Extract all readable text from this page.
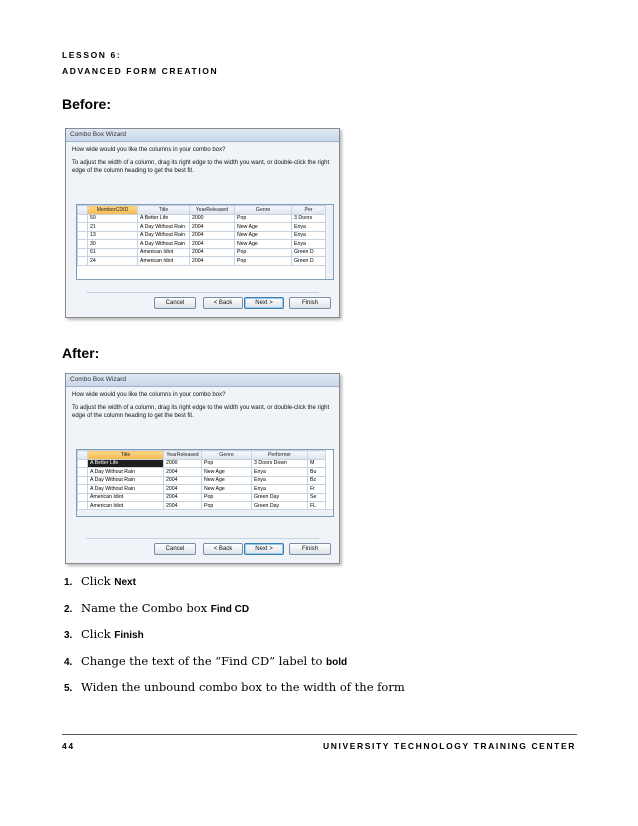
LESSON 6:
ADVANCED FORM CREATION
Before:
Combo Box Wizard
How wide would you like the columns in your combo box?
To adjust the width of a column, drag its right edge to the width you want, or double-click the right edge of the column heading to get the best fit.
	MemberCDID	Title	YearReleased	Genre	Per
	50	A Better Life	2000	Pop	3 Doors
	21	A Day Without Rain	2004	New Age	Enya
	13	A Day Without Rain	2004	New Age	Enya
	30	A Day Without Rain	2004	New Age	Enya
	61	American Idiot	2004	Pop	Green D
	24	American Idiot	2004	Pop	Green D
Cancel	< Back	Next >	Finish
After:
Combo Box Wizard
How wide would you like the columns in your combo box?
To adjust the width of a column, drag its right edge to the width you want, or double-click the right edge of the column heading to get the best fit.
	Title	YearReleased	Genre	Performer	
	A Better Life	2000	Pop	3 Doors Down	M
	A Day Without Rain	2004	New Age	Enya	Bu
	A Day Without Rain	2004	New Age	Enya	Bz
	A Day Without Rain	2004	New Age	Enya	Fr
	American Idiot	2004	Pop	Green Day	Se
	American Idiot	2004	Pop	Green Day	FL
Cancel	< Back	Next >	Finish
1. Click Next
2. Name the Combo box Find CD
3. Click Finish
4. Change the text of the “Find CD” label to bold
5. Widen the unbound combo box to the width of the form
44	UNIVERSITY TECHNOLOGY TRAINING CENTER
